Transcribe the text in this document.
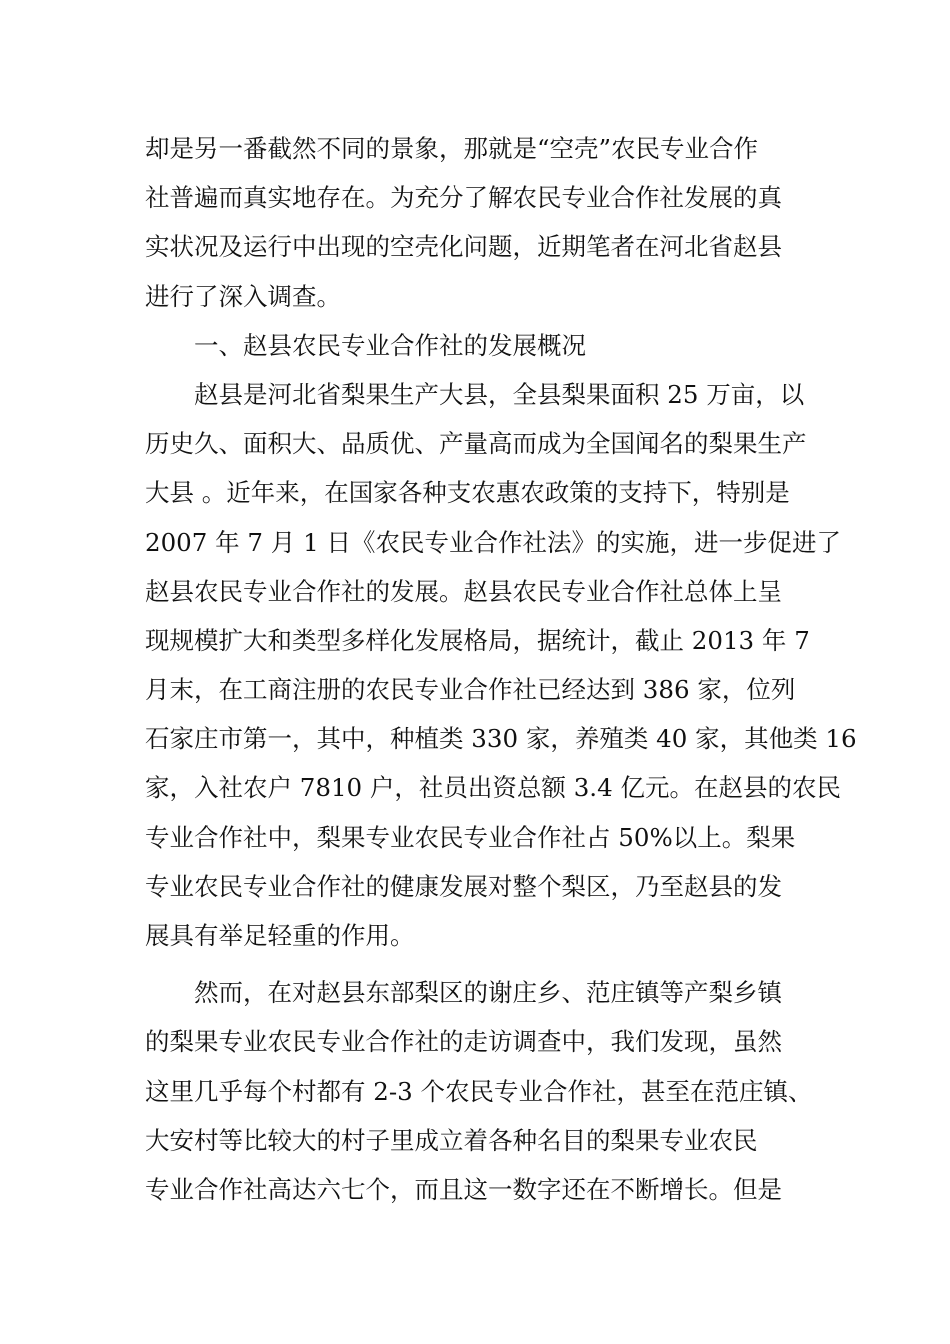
却是另一番截然不同的景象，那就是“空壳”农民专业合作
社普遍而真实地存在。为充分了解农民专业合作社发展的真
实状况及运行中出现的空壳化问题，近期笔者在河北省赵县
进行了深入调查。
一、赵县农民专业合作社的发展概况
赵县是河北省梨果生产大县，全县梨果面积 25 万亩，以
历史久、面积大、品质优、产量高而成为全国闻名的梨果生产
大县 。近年来，在国家各种支农惠农政策的支持下，特别是
2007 年 7 月 1 日《农民专业合作社法》的实施，进一步促进了
赵县农民专业合作社的发展。赵县农民专业合作社总体上呈
现规模扩大和类型多样化发展格局，据统计，截止 2013 年 7
月末，在工商注册的农民专业合作社已经达到 386 家，位列
石家庄市第一，其中，种植类 330 家，养殖类 40 家，其他类 16
家，入社农户 7810 户，社员出资总额 3.4 亿元。在赵县的农民
专业合作社中，梨果专业农民专业合作社占 50%以上。梨果
专业农民专业合作社的健康发展对整个梨区，乃至赵县的发
展具有举足轻重的作用。
然而，在对赵县东部梨区的谢庄乡、范庄镇等产梨乡镇
的梨果专业农民专业合作社的走访调查中，我们发现，虽然
这里几乎每个村都有 2-3 个农民专业合作社，甚至在范庄镇、
大安村等比较大的村子里成立着各种名目的梨果专业农民
专业合作社高达六七个，而且这一数字还在不断增长。但是
